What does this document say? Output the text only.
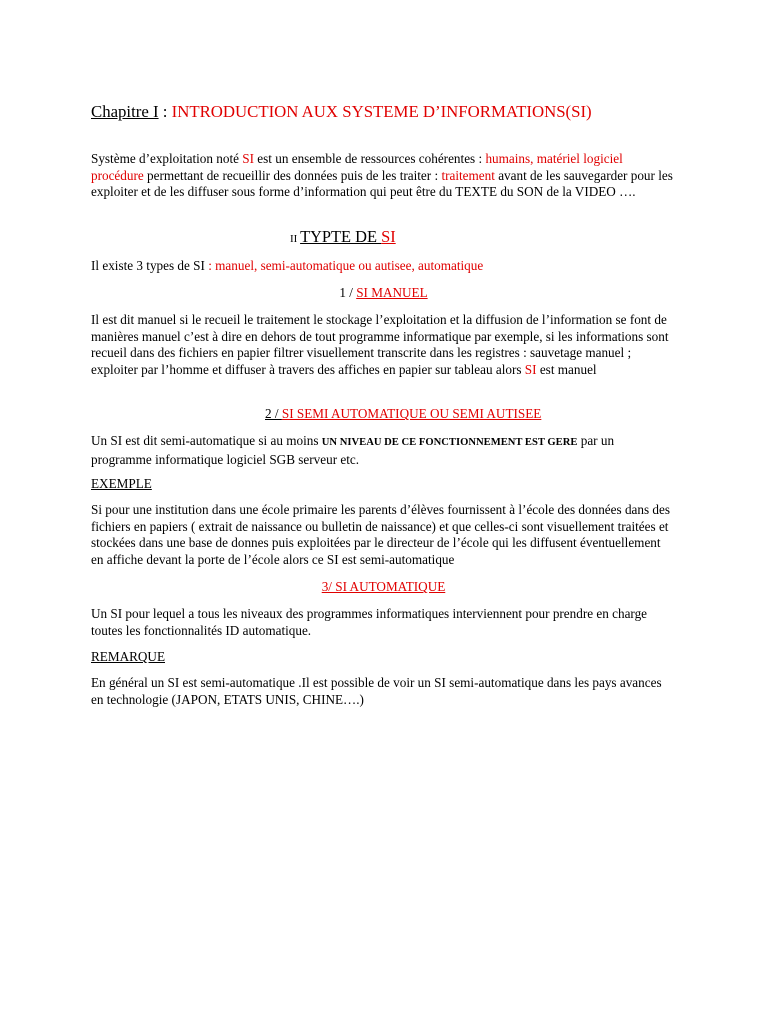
Chapitre I : INTRODUCTION AUX SYSTEME D’INFORMATIONS(SI)

Système d’exploitation noté SI est un ensemble de ressources cohérentes : humains, matériel logiciel procédure permettant de recueillir des données puis de les traiter : traitement avant de les sauvegarder pour les exploiter et de les diffuser sous forme d’information qui peut être du TEXTE du SON de la VIDEO ….

II TYPTE DE SI

Il existe 3 types de SI : manuel, semi-automatique ou autisee, automatique

1 / SI MANUEL

Il est dit manuel si le recueil le traitement le stockage l’exploitation et la diffusion de l’information se font de manières manuel c’est à dire en dehors de tout programme informatique par exemple, si les informations sont recueil dans des fichiers en papier filtrer visuellement transcrite dans les registres : sauvetage manuel ; exploiter par l’homme et diffuser à travers des affiches en papier sur tableau alors SI est manuel

2 / SI SEMI AUTOMATIQUE OU SEMI AUTISEE

Un SI est dit semi-automatique si au moins UN NIVEAU DE CE FONCTIONNEMENT EST GERE par un programme informatique logiciel SGB serveur etc.

EXEMPLE

Si pour une institution dans une école primaire les parents d’élèves fournissent à l’école des données dans des fichiers en papiers ( extrait de naissance ou bulletin de naissance) et que celles-ci sont visuellement traitées et stockées dans une base de donnes puis exploitées par le directeur de l’école qui les diffusent éventuellement en affiche devant la porte de l’école alors ce SI est semi-automatique

3/ SI AUTOMATIQUE

Un SI pour lequel a tous les niveaux des programmes informatiques interviennent pour prendre en charge toutes les fonctionnalités ID automatique.

REMARQUE

En général un SI est semi-automatique .Il est possible de voir un SI semi-automatique dans les pays avances en technologie (JAPON, ETATS UNIS, CHINE….)
